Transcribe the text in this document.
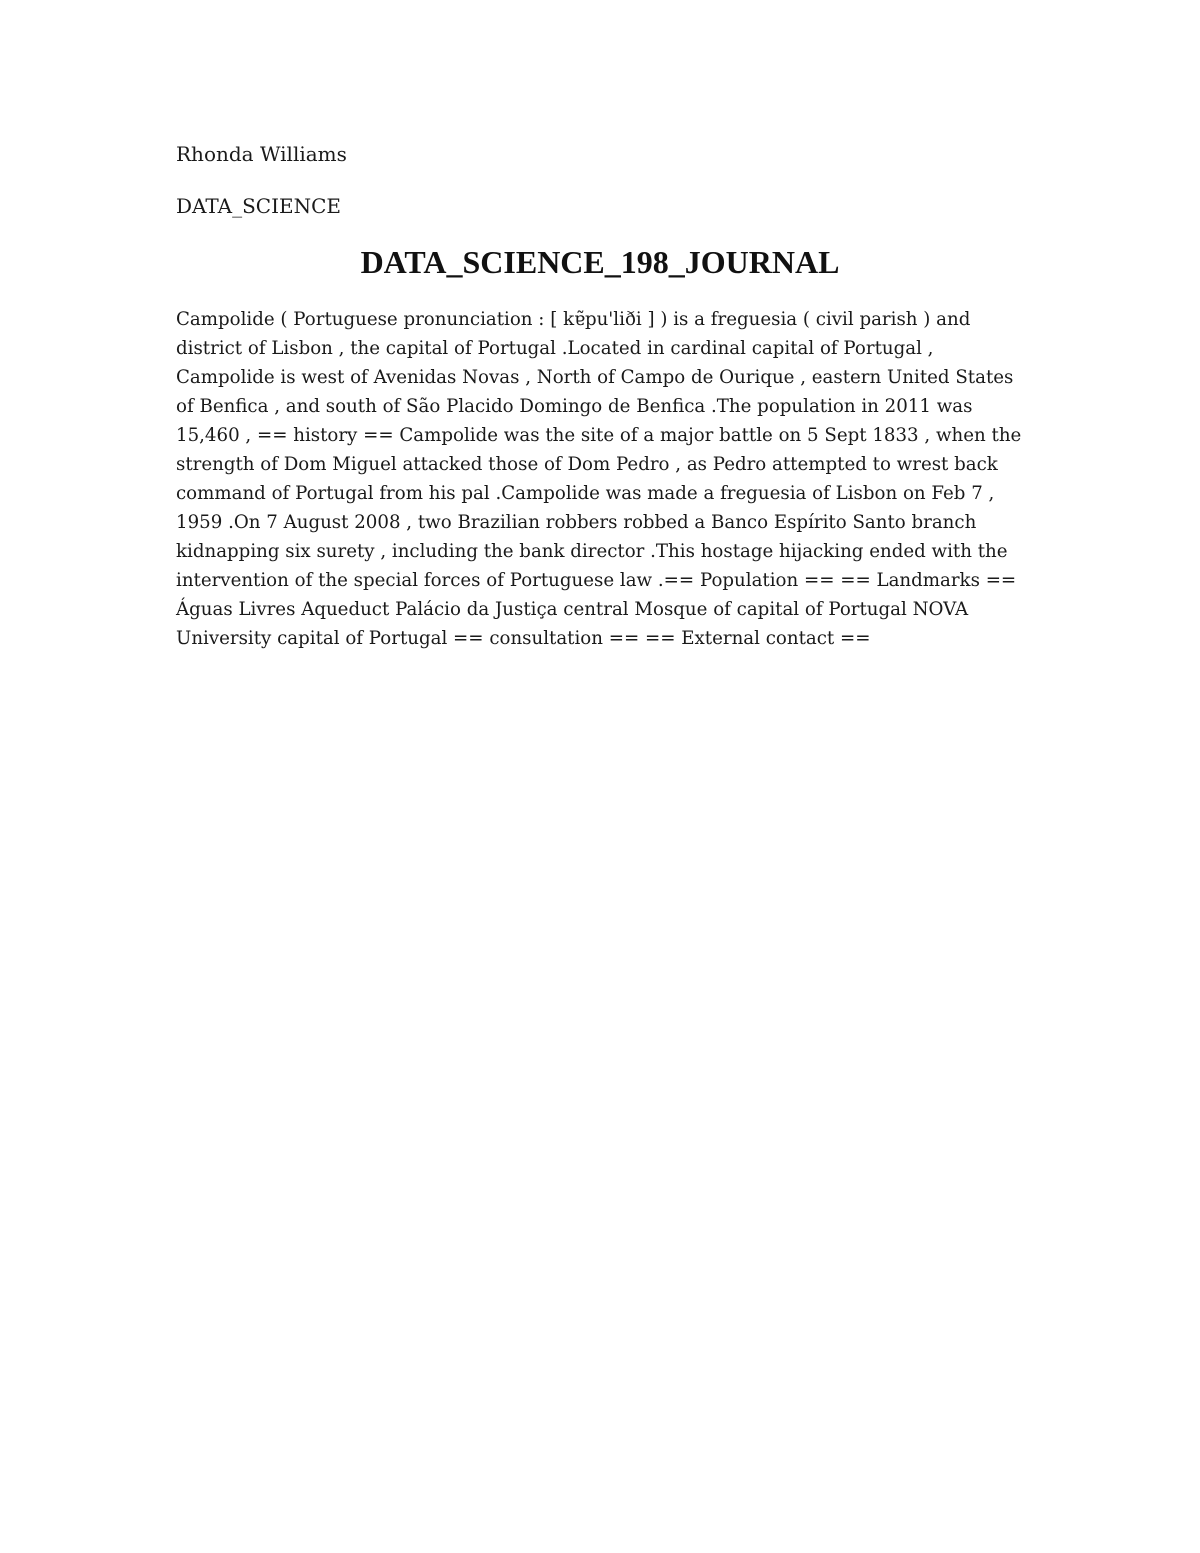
Rhonda Williams

DATA_SCIENCE

DATA_SCIENCE_198_JOURNAL

Campolide ( Portuguese pronunciation : [ kɐ̃pu'liði ] ) is a freguesia ( civil parish ) and district of Lisbon , the capital of Portugal .Located in cardinal capital of Portugal , Campolide is west of Avenidas Novas , North of Campo de Ourique , eastern United States of Benfica , and south of São Placido Domingo de Benfica .The population in 2011 was 15,460 , == history == Campolide was the site of a major battle on 5 Sept 1833 , when the strength of Dom Miguel attacked those of Dom Pedro , as Pedro attempted to wrest back command of Portugal from his pal .Campolide was made a freguesia of Lisbon on Feb 7 , 1959 .On 7 August 2008 , two Brazilian robbers robbed a Banco Espírito Santo branch kidnapping six surety , including the bank director .This hostage hijacking ended with the intervention of the special forces of Portuguese law .== Population == == Landmarks == Águas Livres Aqueduct Palácio da Justiça central Mosque of capital of Portugal NOVA University capital of Portugal == consultation == == External contact ==
